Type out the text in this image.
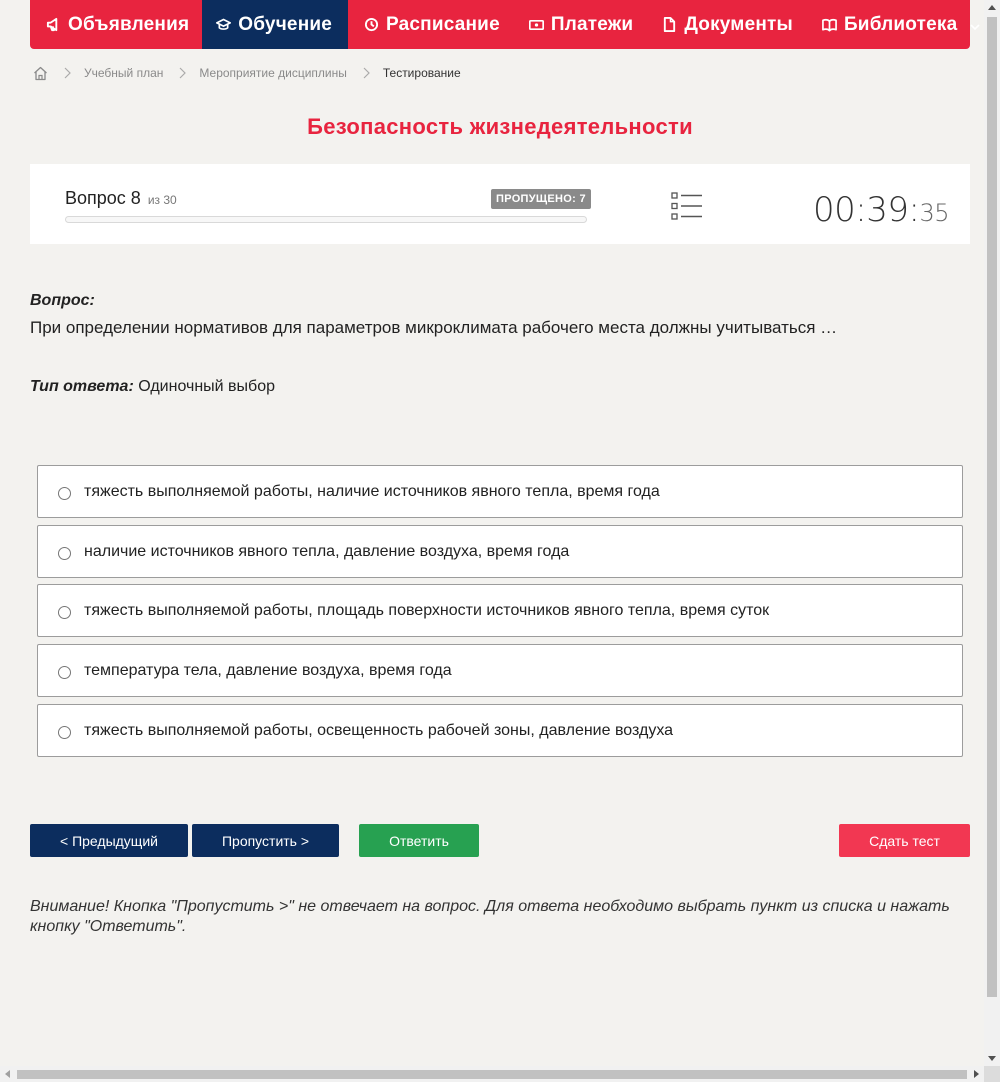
Объявления	Обучение	Расписание	Платежи	Документы	Библиотека
Учебный план	Мероприятие дисциплины	Тестирование
Безопасность жизнедеятельности
Вопрос 8 из 30	ПРОПУЩЕНО: 7	00:39:35
Вопрос:
При определении нормативов для параметров микроклимата рабочего места должны учитываться …
Тип ответа: Одиночный выбор
тяжесть выполняемой работы, наличие источников явного тепла, время года
наличие источников явного тепла, давление воздуха, время года
тяжесть выполняемой работы, площадь поверхности источников явного тепла, время суток
температура тела, давление воздуха, время года
тяжесть выполняемой работы, освещенность рабочей зоны, давление воздуха
< Предыдущий	Пропустить >	Ответить	Сдать тест
Внимание! Кнопка "Пропустить >" не отвечает на вопрос. Для ответа необходимо выбрать пункт из списка и нажать кнопку "Ответить".
